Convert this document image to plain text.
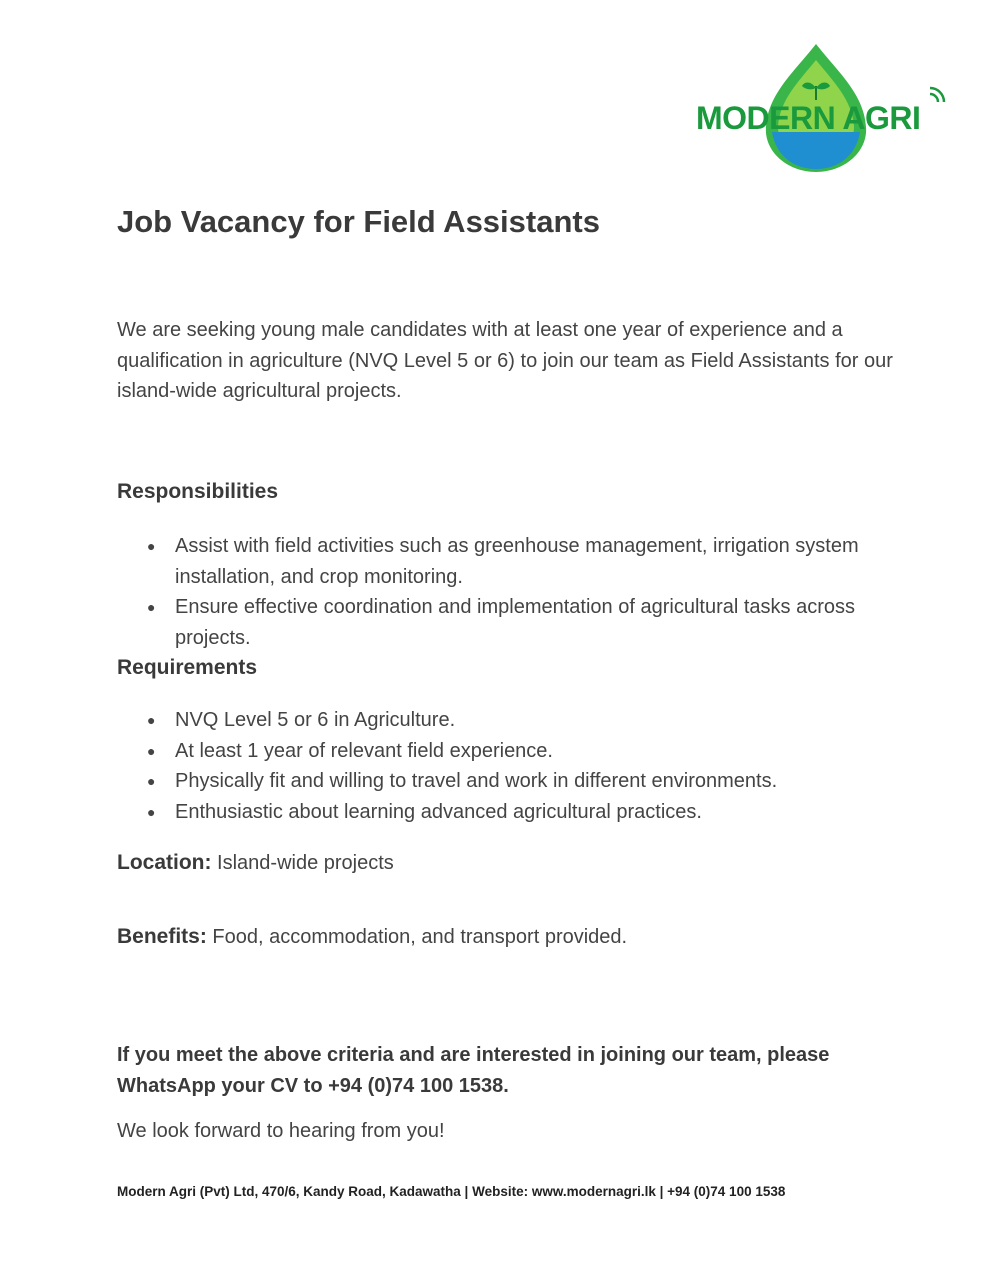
MODERN AGRI
Job Vacancy for Field Assistants

We are seeking young male candidates with at least one year of experience and a qualification in agriculture (NVQ Level 5 or 6) to join our team as Field Assistants for our island-wide agricultural projects.

Responsibilities
● Assist with field activities such as greenhouse management, irrigation system installation, and crop monitoring.
● Ensure effective coordination and implementation of agricultural tasks across projects.
Requirements
● NVQ Level 5 or 6 in Agriculture.
● At least 1 year of relevant field experience.
● Physically fit and willing to travel and work in different environments.
● Enthusiastic about learning advanced agricultural practices.

Location: Island-wide projects

Benefits: Food, accommodation, and transport provided.

If you meet the above criteria and are interested in joining our team, please WhatsApp your CV to +94 (0)74 100 1538.

We look forward to hearing from you!

Modern Agri (Pvt) Ltd, 470/6, Kandy Road, Kadawatha | Website: www.modernagri.lk | +94 (0)74 100 1538
